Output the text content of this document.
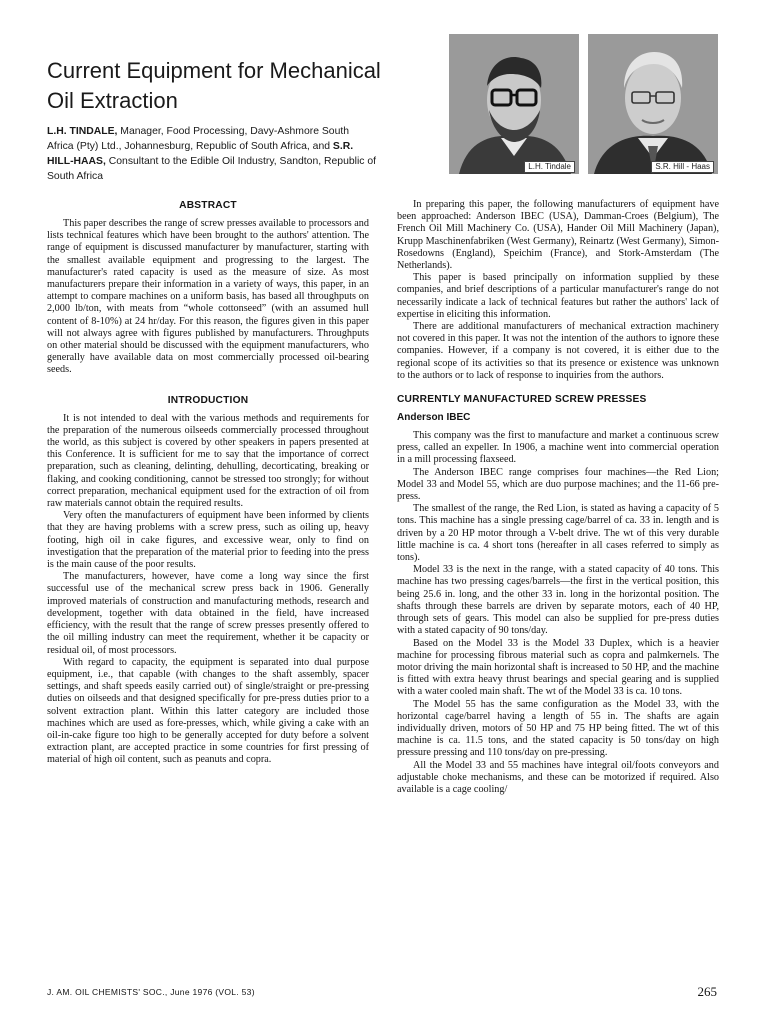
Current Equipment for Mechanical
Oil Extraction

L.H. TINDALE, Manager, Food Processing, Davy-Ashmore South Africa (Pty) Ltd., Johannesburg, Republic of South Africa, and S.R. HILL-HAAS, Consultant to the Edible Oil Industry, Sandton, Republic of South Africa

L.H. Tindale	S.R. Hill - Haas
ABSTRACT

This paper describes the range of screw presses available to processors and lists technical features which have been brought to the authors' attention. The range of equipment is discussed manufacturer by manufacturer, starting with the smallest available equipment and progressing to the largest. The manufacturer's rated capacity is used as the measure of size. As most manufacturers prepare their information in a variety of ways, this paper, in an attempt to compare machines on a uniform basis, has based all throughputs on 2,000 lb/ton, with meats from “whole cottonseed” (with an assumed hull content of 8-10%) at 24 hr/day. For this reason, the figures given in this paper will not always agree with figures published by manufacturers. Throughputs on other material should be discussed with the equipment manufacturers, who generally have available data on most commercially processed oil-bearing seeds.

INTRODUCTION

It is not intended to deal with the various methods and requirements for the preparation of the numerous oilseeds commercially processed throughout the world, as this subject is covered by other speakers in papers presented at this Conference. It is sufficient for me to say that the importance of correct preparation, such as cleaning, delinting, dehulling, decorticating, breaking or flaking, and cooking conditioning, cannot be stressed too strongly; for without correct preparation, mechanical equipment used for the extraction of oil from raw materials cannot obtain the required results.

Very often the manufacturers of equipment have been informed by clients that they are having problems with a screw press, such as oiling up, heavy footing, high oil in cake figures, and excessive wear, only to find on investigation that the preparation of the material prior to feeding into the press is the main cause of the poor results.

The manufacturers, however, have come a long way since the first successful use of the mechanical screw press back in 1906. Generally improved materials of construction and manufacturing methods, research and development, together with data obtained in the field, have increased efficiency, with the result that the range of screw presses presently offered to the oil milling industry can meet the requirement, whether it be capacity or residual oil, of most processors.

With regard to capacity, the equipment is separated into dual purpose equipment, i.e., that capable (with changes to the shaft assembly, spacer settings, and shaft speeds easily carried out) of single/straight or pre-pressing duties on oilseeds and that designed specifically for pre-press duties prior to a solvent extraction plant. Within this latter category are included those machines which are used as fore-presses, which, while giving a cake with an oil-in-cake figure too high to be generally accepted for duty before a solvent extraction plant, are accepted practice in some countries for first pressing of material of high oil content, such as peanuts and copra.

In preparing this paper, the following manufacturers of equipment have been approached: Anderson IBEC (USA), Damman-Croes (Belgium), The French Oil Mill Machinery Co. (USA), Hander Oil Mill Machinery (Japan), Krupp Maschinenfabriken (West Germany), Reinartz (West Germany), Simon-Rosedowns (England), Speichim (France), and Stork-Amsterdam (The Netherlands).

This paper is based principally on information supplied by these companies, and brief descriptions of a particular manufacturer's range do not necessarily indicate a lack of technical features but rather the authors' lack of expertise in eliciting this information.

There are additional manufacturers of mechanical extraction machinery not covered in this paper. It was not the intention of the authors to ignore these companies. However, if a company is not covered, it is either due to the regional scope of its activities so that its presence or existence was unknown to the authors or to lack of response to inquiries from the authors.

CURRENTLY MANUFACTURED SCREW PRESSES
Anderson IBEC

This company was the first to manufacture and market a continuous screw press, called an expeller. In 1906, a machine went into commercial operation in a mill processing flaxseed.

The Anderson IBEC range comprises four machines—the Red Lion; Model 33 and Model 55, which are duo purpose machines; and the 11-66 pre-press.

The smallest of the range, the Red Lion, is stated as having a capacity of 5 tons. This machine has a single pressing cage/barrel of ca. 33 in. length and is driven by a 20 HP motor through a V-belt drive. The wt of this very durable little machine is ca. 4 short tons (hereafter in all cases referred to simply as tons).

Model 33 is the next in the range, with a stated capacity of 40 tons. This machine has two pressing cages/barrels—the first in the vertical position, this being 25.6 in. long, and the other 33 in. long in the horizontal position. The shafts through these barrels are driven by separate motors, each of 40 HP, through sets of gears. This model can also be supplied for pre-press duties with a stated capacity of 90 tons/day.

Based on the Model 33 is the Model 33 Duplex, which is a heavier machine for processing fibrous material such as copra and palmkernels. The motor driving the main horizontal shaft is increased to 50 HP, and the machine is fitted with extra heavy thrust bearings and special gearing and is supplied with a water cooled main shaft. The wt of the Model 33 is ca. 10 tons.

The Model 55 has the same configuration as the Model 33, with the horizontal cage/barrel having a length of 55 in. The shafts are again individually driven, motors of 50 HP and 75 HP being fitted. The wt of this machine is ca. 11.5 tons, and the stated capacity is 50 tons/day on high pressure pressing and 110 tons/day on pre-pressing.

All the Model 33 and 55 machines have integral oil/foots conveyors and adjustable choke mechanisms, and these can be motorized if required. Also available is a cage cooling/

J. AM. OIL CHEMISTS' SOC., June 1976 (VOL. 53)	265
